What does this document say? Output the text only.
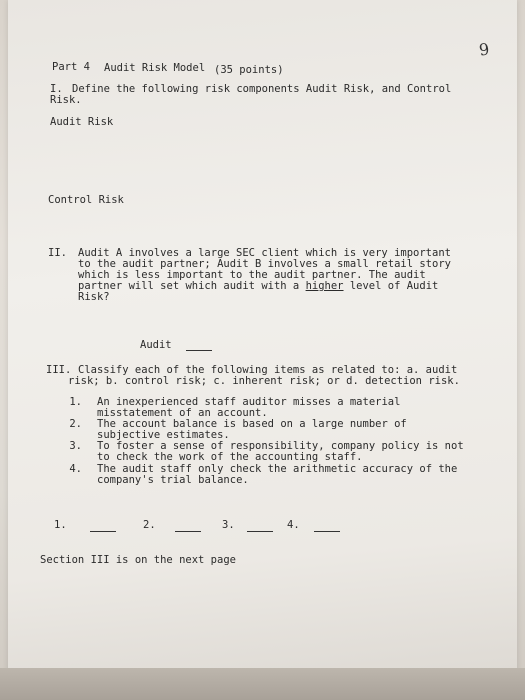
9
Part 4 Audit Risk Model (35 points)
I. Define the following risk components Audit Risk, and Control
Risk.
Audit Risk
Control Risk
II. Audit A involves a large SEC client which is very important
to the audit partner; Audit B involves a small retail story
which is less important to the audit partner. The audit
partner will set which audit with a higher level of Audit
Risk?
Audit
III. Classify each of the following items as related to: a. audit
risk; b. control risk; c. inherent risk; or d. detection risk.
1. An inexperienced staff auditor misses a material
misstatement of an account.
2. The account balance is based on a large number of
subjective estimates.
3. To foster a sense of responsibility, company policy is not
to check the work of the accounting staff.
4. The audit staff only check the arithmetic accuracy of the
company's trial balance.
1.	2.	3.	4.
Section III is on the next page
